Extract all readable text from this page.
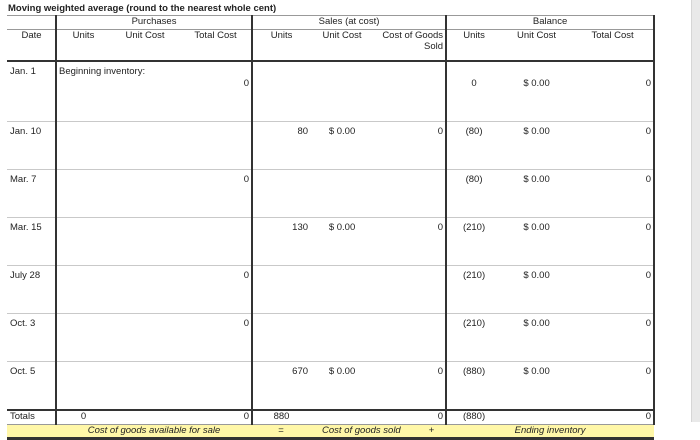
Moving weighted average (round to the nearest whole cent)
	Purchases			Sales (at cost)			Balance		
Date	Units	Unit Cost	Total Cost	Units	Unit Cost	Cost of Goods Sold	Units	Unit Cost	Total Cost
Jan. 1	Beginning inventory:		0				0	$ 0.00	0
Jan. 10				80	$ 0.00	0	(80)	$ 0.00	0
Mar. 7			0				(80)	$ 0.00	0
Mar. 15				130	$ 0.00	0	(210)	$ 0.00	0
July 28			0				(210)	$ 0.00	0
Oct. 3			0				(210)	$ 0.00	0
Oct. 5				670	$ 0.00	0	(880)	$ 0.00	0
Totals	0		0	880		0	(880)		0
	Cost of goods available for sale			=	Cost of goods sold +		Ending inventory		
